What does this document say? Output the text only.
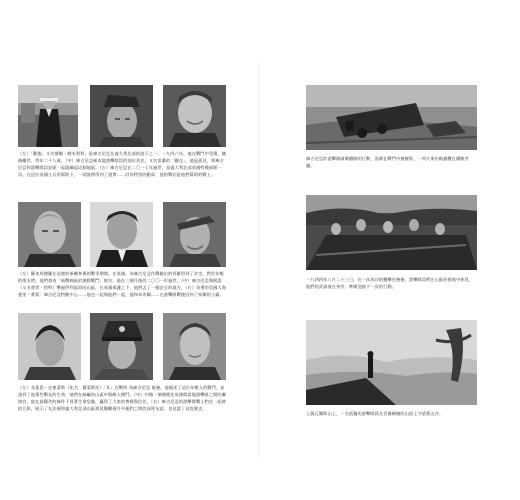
（左）「動態」又名歷爾・勒米利科，是庫吉尼亞在義大利北部的游子之一。一九四六年，他在戰鬥中受傷，隨後離世，得年二十八歲。（中）庫吉尼亞極本地游擊隊員的加拉列克，又名雷桑的「鐵克」，他是孤兒，和庫吉尼亞和游擊隊員安妮一起組織起這個地區。（右）庫吉尼亞在二〇一七年過世，是義大利北部英國特種部隊一員。在這位英國士兵的幫助下，一則流傳得到了證實……評為特別的勳章，他的戰功是他們幫助的戰士。
（左）羅本馬德羅在這裡的軍團參與的戰爭期間。在英國，為庫吉尼亞作戰做出的貢獻得到了肯定。對於年輕的朋友們，他們發表「新戰線區的激動戰鬥」報告，他在三個月後的二〇〇一年過世。（中）庫吉尼亞與阿諾（又名勇者・恰特）攀過伊利高原的山區，在英國保護之下，他們去了一個安全的地方。（右）英勇的美國人海曼里・實蒙：庫吉尼亞特勤中心……他也一起與他們一起，他和米奇爾……在游擊隊戰後回到了家鄉的小鎮。
（左）布萊恩・史東蒙斯（化名：蕭萊斯托）「Ｋ」在戰時 為庫吉尼亞 服務。他描述了這位年輕人的戰鬥，並談到了他那些戰友的生命，他們在崎嶇的山區中與敵人搏鬥。（中）約翰・瑞德擔任英國與當地游擊隊之間的聯絡官。他在最艱苦的條件下冒著生命危險，贏得了大家的尊敬與信任。（右）庫吉尼亞的游擊隊戰士們在一起時的合影，展示了在法國和義大利北部山區那段艱難歲月中他們之間的深厚友誼，也見證了這段歷史。
庫吉尼亞的游擊隊破壞鐵路的行動，設備在戰鬥中被摧毀，一列火車出軌翻覆在鐵軌旁邊。
一九四四年八月二十三日，在一次成功的襲擊任務後，游擊隊員們在山區的營地中休息，他們的武器放在身旁，準備迎接下一次的行動。
上薩瓦爾斯山上，一名孤獨的游擊隊員在雲霧繚繞的山頂上守望著山谷。
